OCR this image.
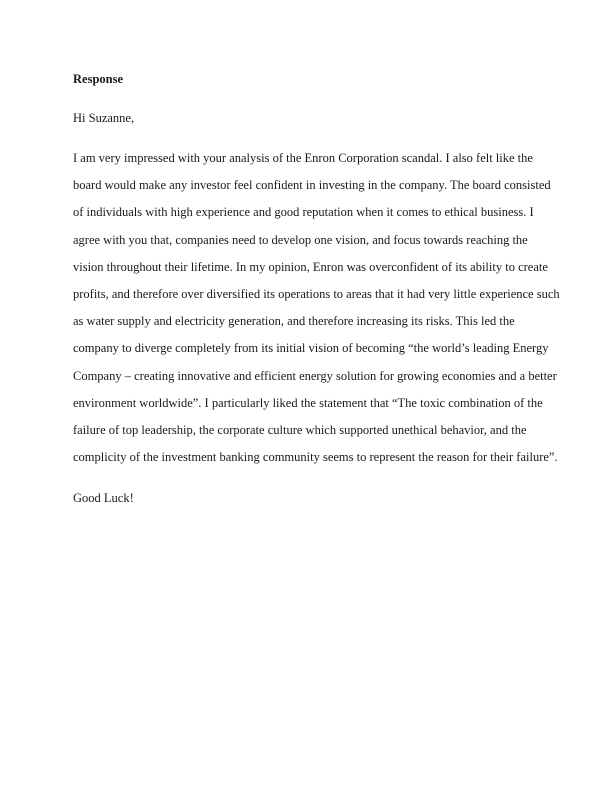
Response
Hi Suzanne,
I am very impressed with your analysis of the Enron Corporation scandal. I also felt like the
board would make any investor feel confident in investing in the company. The board consisted
of individuals with high experience and good reputation when it comes to ethical business. I
agree with you that, companies need to develop one vision, and focus towards reaching the
vision throughout their lifetime. In my opinion, Enron was overconfident of its ability to create
profits, and therefore over diversified its operations to areas that it had very little experience such
as water supply and electricity generation, and therefore increasing its risks. This led the
company to diverge completely from its initial vision of becoming “the world’s leading Energy
Company – creating innovative and efficient energy solution for growing economies and a better
environment worldwide”. I particularly liked the statement that “The toxic combination of the
failure of top leadership, the corporate culture which supported unethical behavior, and the
complicity of the investment banking community seems to represent the reason for their failure”.
Good Luck!
